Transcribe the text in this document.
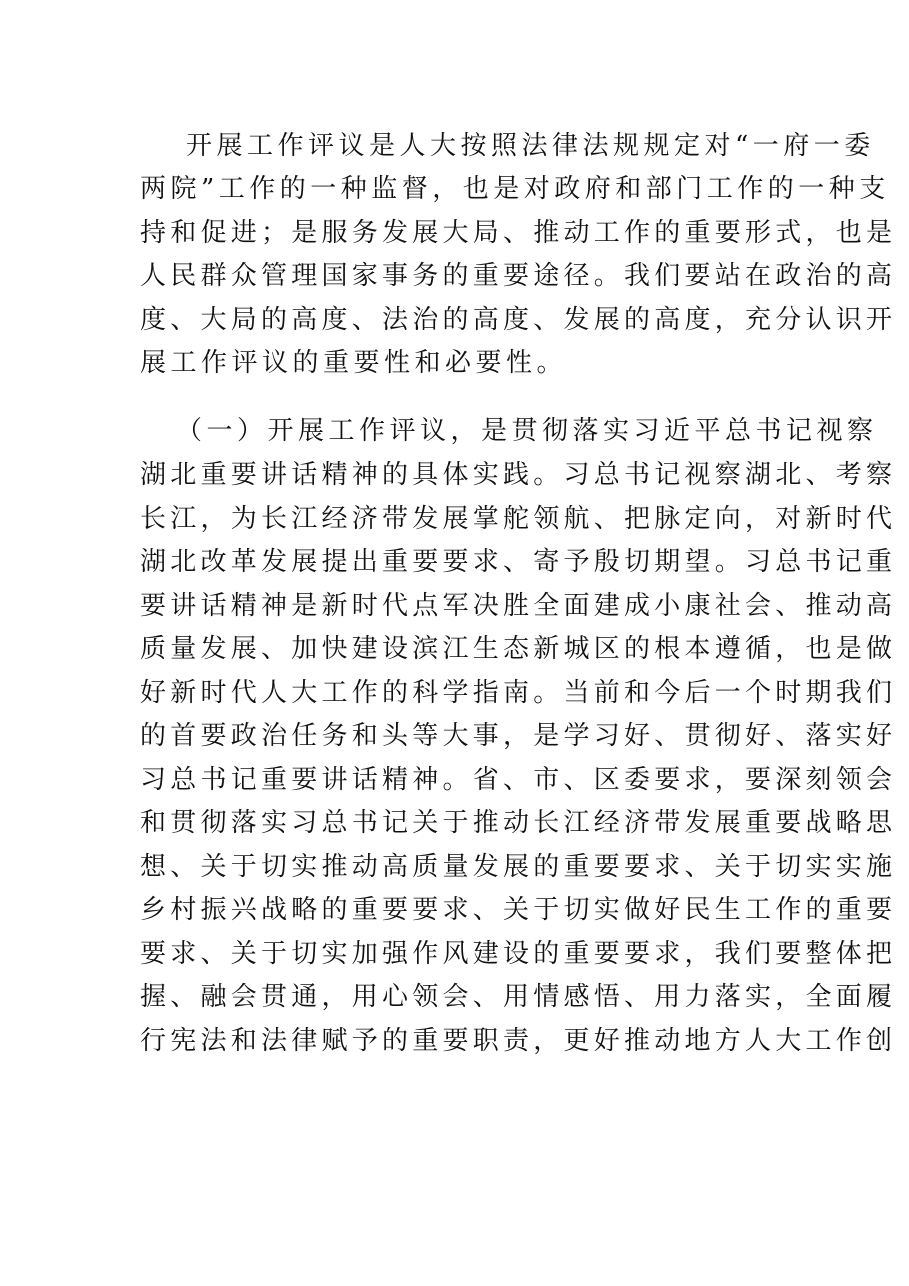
开展工作评议是人大按照法律法规规定对“一府一委
两院”工作的一种监督，也是对政府和部门工作的一种支
持和促进；是服务发展大局、推动工作的重要形式，也是
人民群众管理国家事务的重要途径。我们要站在政治的高
度、大局的高度、法治的高度、发展的高度，充分认识开
展工作评议的重要性和必要性。
（一）开展工作评议，是贯彻落实习近平总书记视察
湖北重要讲话精神的具体实践。习总书记视察湖北、考察
长江，为长江经济带发展掌舵领航、把脉定向，对新时代
湖北改革发展提出重要要求、寄予殷切期望。习总书记重
要讲话精神是新时代点军决胜全面建成小康社会、推动高
质量发展、加快建设滨江生态新城区的根本遵循，也是做
好新时代人大工作的科学指南。当前和今后一个时期我们
的首要政治任务和头等大事，是学习好、贯彻好、落实好
习总书记重要讲话精神。省、市、区委要求，要深刻领会
和贯彻落实习总书记关于推动长江经济带发展重要战略思
想、关于切实推动高质量发展的重要要求、关于切实实施
乡村振兴战略的重要要求、关于切实做好民生工作的重要
要求、关于切实加强作风建设的重要要求，我们要整体把
握、融会贯通，用心领会、用情感悟、用力落实，全面履
行宪法和法律赋予的重要职责，更好推动地方人大工作创
